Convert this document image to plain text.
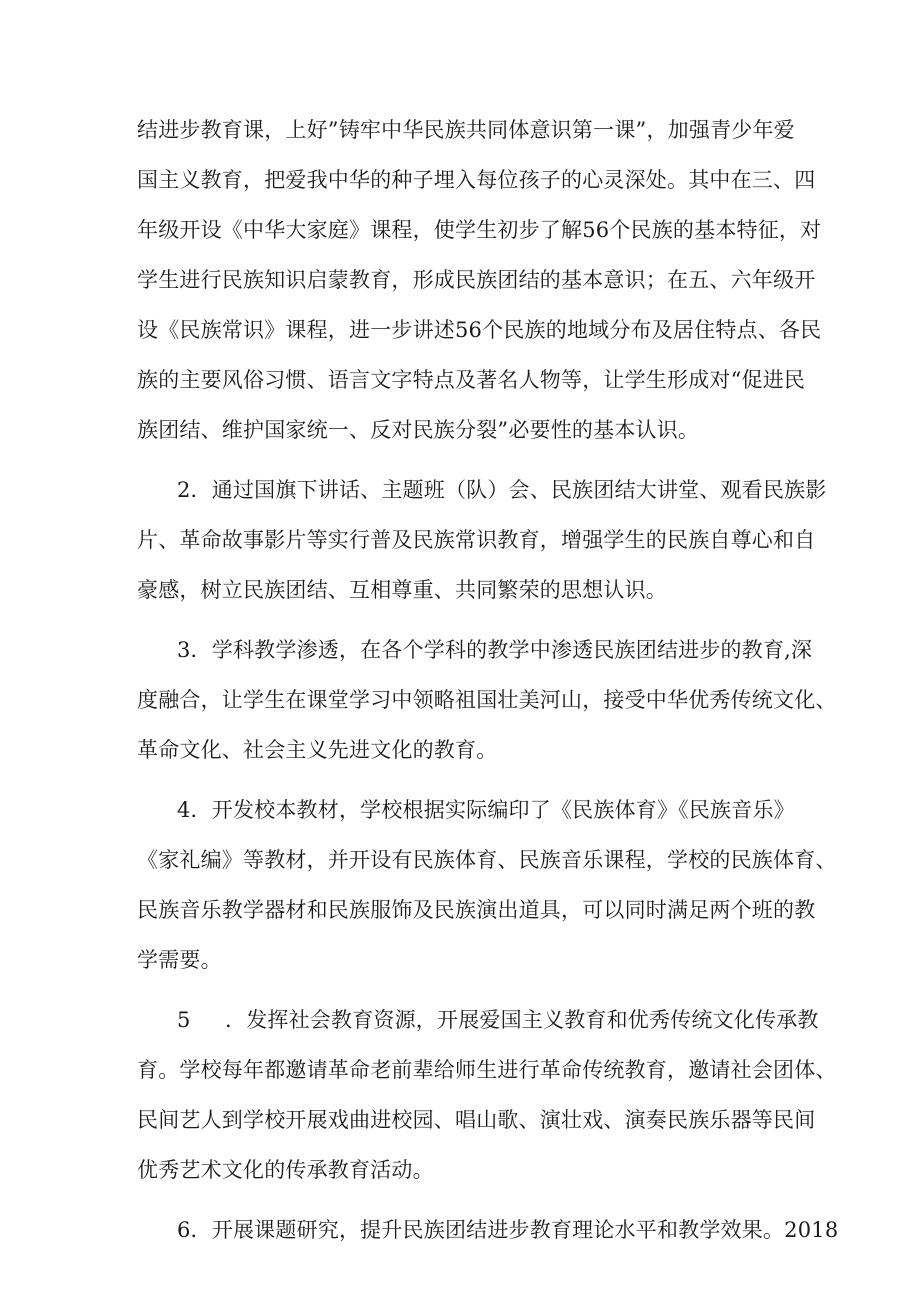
结进步教育课，上好”铸牢中华民族共同体意识第一课”，加强青少年爱
国主义教育，把爱我中华的种子埋入每位孩子的心灵深处。其中在三、四
年级开设《中华大家庭》课程，使学生初步了解56个民族的基本特征，对
学生进行民族知识启蒙教育，形成民族团结的基本意识；在五、六年级开
设《民族常识》课程，进一步讲述56个民族的地域分布及居住特点、各民
族的主要风俗习惯、语言文字特点及著名人物等，让学生形成对“促进民
族团结、维护国家统一、反对民族分裂”必要性的基本认识。
2．通过国旗下讲话、主题班（队）会、民族团结大讲堂、观看民族影
片、革命故事影片等实行普及民族常识教育，增强学生的民族自尊心和自
豪感，树立民族团结、互相尊重、共同繁荣的思想认识。
3．学科教学渗透，在各个学科的教学中渗透民族团结进步的教育,深
度融合，让学生在课堂学习中领略祖国壮美河山，接受中华优秀传统文化、
革命文化、社会主义先进文化的教育。
4．开发校本教材，学校根据实际编印了《民族体育》《民族音乐》
《家礼编》等教材，并开设有民族体育、民族音乐课程，学校的民族体育、
民族音乐教学器材和民族服饰及民族演出道具，可以同时满足两个班的教
学需要。
5 ．发挥社会教育资源，开展爱国主义教育和优秀传统文化传承教
育。学校每年都邀请革命老前辈给师生进行革命传统教育，邀请社会团体、
民间艺人到学校开展戏曲进校园、唱山歌、演壮戏、演奏民族乐器等民间
优秀艺术文化的传承教育活动。
6．开展课题研究，提升民族团结进步教育理论水平和教学效果。2018
